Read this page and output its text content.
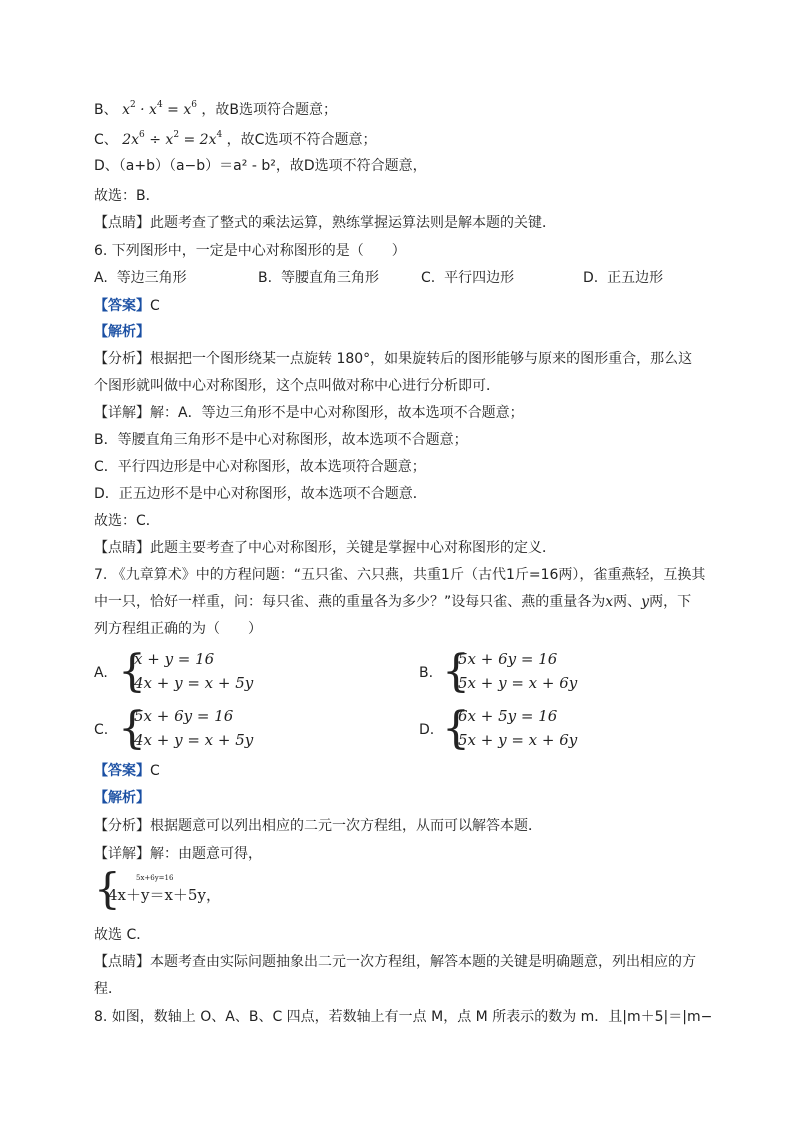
B、 $x^2 \cdot x^4 = x^6$ ，故B选项符合题意；
C、 $2x^6 \div x^2 = 2x^4$ ，故C选项不符合题意；
D、（a+b）（a−b）＝a² - b²，故D选项不符合题意，
故选：B．
【点睛】此题考查了整式的乘法运算，熟练掌握运算法则是解本题的关键．
6. 下列图形中，一定是中心对称图形的是（　　）
A. 等边三角形	B. 等腰直角三角形	C. 平行四边形	D. 正五边形
【答案】C
【解析】
【分析】根据把一个图形绕某一点旋转 180°，如果旋转后的图形能够与原来的图形重合，那么这
个图形就叫做中心对称图形，这个点叫做对称中心进行分析即可．
【详解】解：A．等边三角形不是中心对称图形，故本选项不合题意；
B．等腰直角三角形不是中心对称图形，故本选项不合题意；
C．平行四边形是中心对称图形，故本选项符合题意；
D．正五边形不是中心对称图形，故本选项不合题意．
故选：C．
【点睛】此题主要考查了中心对称图形，关键是掌握中心对称图形的定义．
7. 《九章算术》中的方程问题：“五只雀、六只燕，共重1斤（古代1斤=16两），雀重燕轻，互换其
中一只，恰好一样重，问：每只雀、燕的重量各为多少？”设每只雀、燕的重量各为x两、y两，下
列方程组正确的为（　　）
A. {
x + y = 16
4x + y = x + 5y
B. {
5x + 6y = 16
5x + y = x + 6y
C. {
5x + 6y = 16
4x + y = x + 5y
D. {
6x + 5y = 16
5x + y = x + 6y
【答案】C
【解析】
【分析】根据题意可以列出相应的二元一次方程组，从而可以解答本题．
【详解】解：由题意可得，
{ 5x+6y=16
4x＋y＝x＋5y，
故选 C．
【点睛】本题考查由实际问题抽象出二元一次方程组，解答本题的关键是明确题意，列出相应的方
程．
8. 如图，数轴上 O、A、B、C 四点，若数轴上有一点 M，点 M 所表示的数为 m．且|m＋5|＝|m−
